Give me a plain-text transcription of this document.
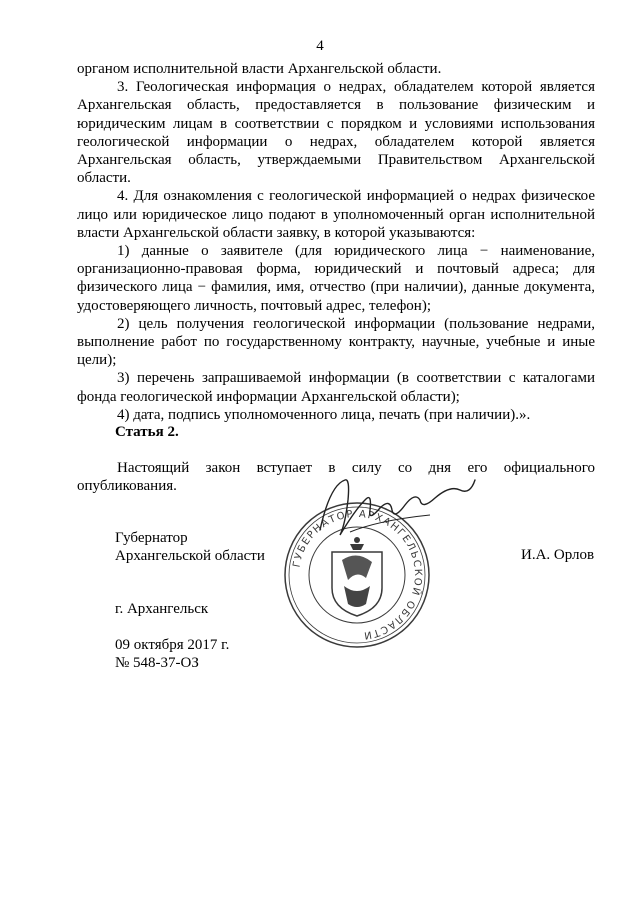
4

органом исполнительной власти Архангельской области.

3. Геологическая информация о недрах, обладателем которой является Архангельская область, предоставляется в пользование физическим и юридическим лицам в соответствии с порядком и условиями использования геологической информации о недрах, обладателем которой является Архангельская область, утверждаемыми Правительством Архангельской области.

4. Для ознакомления с геологической информацией о недрах физическое лицо или юридическое лицо подают в уполномоченный орган исполнительной власти Архангельской области заявку, в которой указываются:

1) данные о заявителе (для юридического лица − наименование, организационно-правовая форма, юридический и почтовый адреса; для физического лица − фамилия, имя, отчество (при наличии), данные документа, удостоверяющего личность, почтовый адрес, телефон);

2) цель получения геологической информации (пользование недрами, выполнение работ по государственному контракту, научные, учебные и иные цели);

3) перечень запрашиваемой информации (в соответствии с каталогами фонда геологической информации Архангельской области);

4) дата, подпись уполномоченного лица, печать (при наличии).».

Статья 2.

Настоящий закон вступает в силу со дня его официального опубликования.

ГУБЕРНАТОР АРХАНГЕЛЬСКОЙ ОБЛАСТИ
Губернатор
Архангельской области	И.А. Орлов
г. Архангельск
09 октября 2017 г.
№ 548-37-ОЗ
